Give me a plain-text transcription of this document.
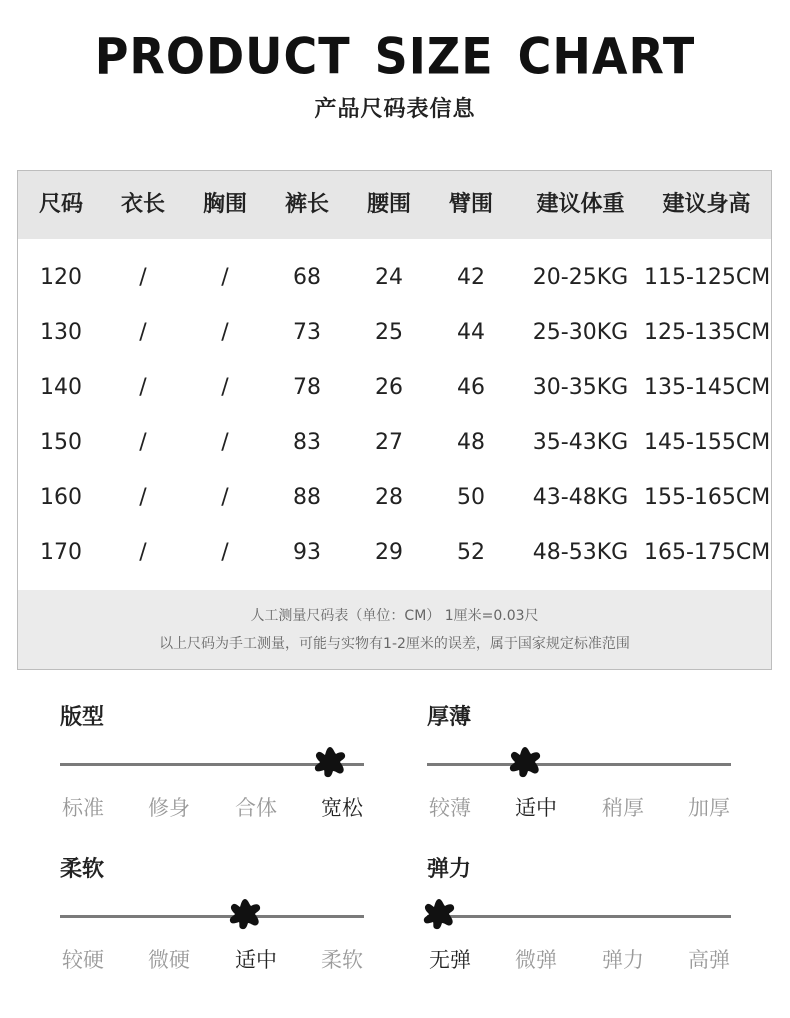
PRODUCT SIZE CHART
产品尺码表信息
尺码	衣长	胸围	裤长	腰围	臂围	建议体重	建议身高
120	/	/	68	24	42	20-25KG 115-125CM
130	/	/	73	25	44	25-30KG 125-135CM
140	/	/	78	26	46	30-35KG 135-145CM
150	/	/	83	27	48	35-43KG 145-155CM
160	/	/	88	28	50	43-48KG 155-165CM
170	/	/	93	29	52	48-53KG 165-175CM
人工测量尺码表（单位：CM） 1厘米=0.03尺
以上尺码为手工测量，可能与实物有1-2厘米的误差，属于国家规定标准范围
版型
标准	修身	合体	宽松
厚薄
较薄	适中	稍厚	加厚
柔软
较硬	微硬	适中	柔软
弹力
无弹	微弹	弹力	高弹
